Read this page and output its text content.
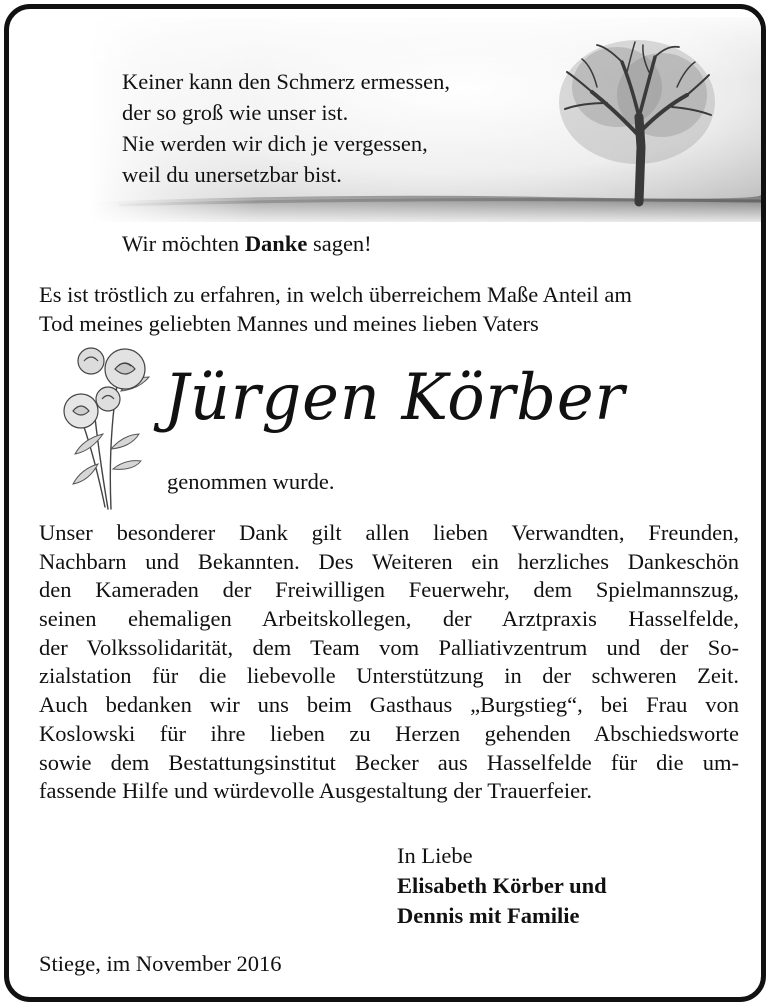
Keiner kann den Schmerz ermessen,
der so groß wie unser ist.
Nie werden wir dich je vergessen,
weil du unersetzbar bist.
Wir möchten Danke sagen!
Es ist tröstlich zu erfahren, in welch überreichem Maße Anteil am
Tod meines geliebten Mannes und meines lieben Vaters
Jürgen Körber
genommen wurde.
Unser besonderer Dank gilt allen lieben Verwandten, Freunden,
Nachbarn und Bekannten. Des Weiteren ein herzliches Dankeschön
den Kameraden der Freiwilligen Feuerwehr, dem Spielmannszug,
seinen ehemaligen Arbeitskollegen, der Arztpraxis Hasselfelde,
der Volkssolidarität, dem Team vom Palliativzentrum und der So-
zialstation für die liebevolle Unterstützung in der schweren Zeit.
Auch bedanken wir uns beim Gasthaus „Burgstieg“, bei Frau von
Koslowski für ihre lieben zu Herzen gehenden Abschiedsworte
sowie dem Bestattungsinstitut Becker aus Hasselfelde für die um-
fassende Hilfe und würdevolle Ausgestaltung der Trauerfeier.
In Liebe
Elisabeth Körber und
Dennis mit Familie
Stiege, im November 2016
